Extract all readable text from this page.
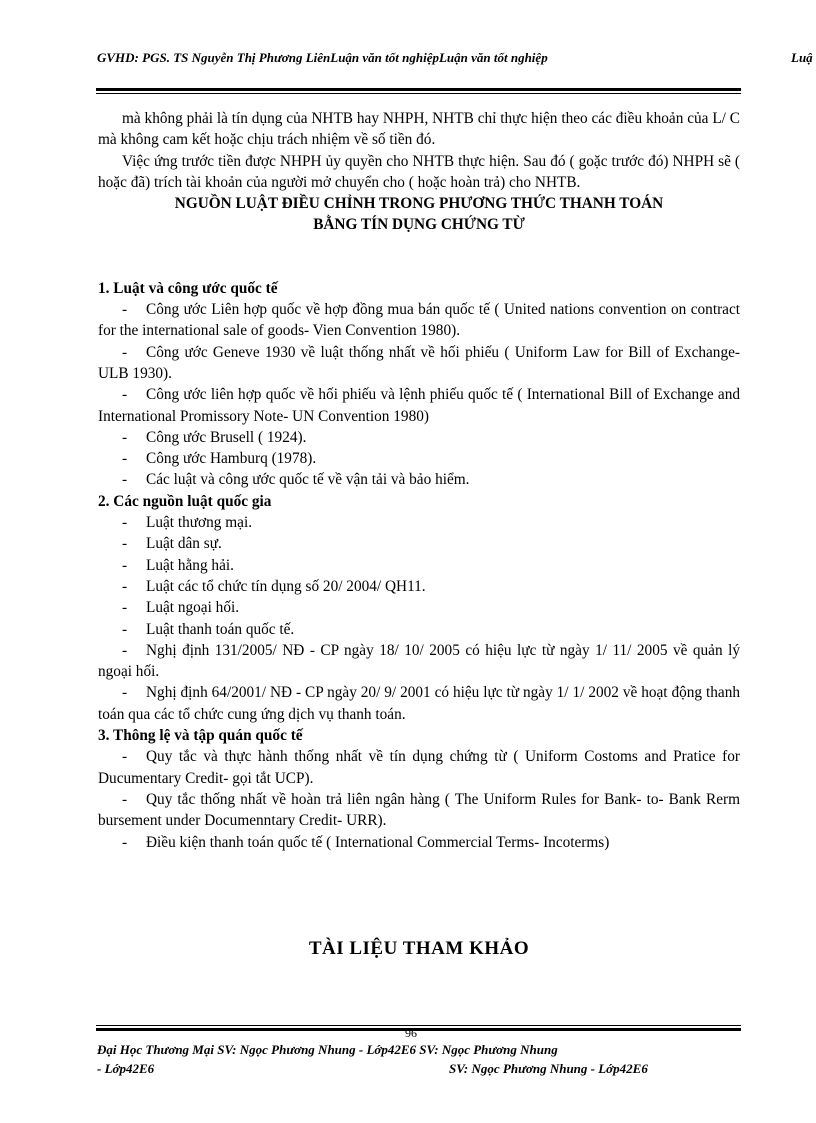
GVHD: PGS. TS Nguyễn Thị Phương LiênLuận văn tốt nghiệpLuận văn tốt nghiệp	Luậ

mà không phải là tín dụng của NHTB hay NHPH, NHTB chỉ thực hiện theo các điều khoản của L/ C mà không cam kết hoặc chịu trách nhiệm về số tiền đó.

Việc ứng trước tiền được NHPH ủy quyền cho NHTB thực hiện. Sau đó ( goặc trước đó) NHPH sẽ ( hoặc đã) trích tài khoản của người mở chuyển cho ( hoặc hoàn trả) cho NHTB.

NGUỒN LUẬT ĐIỀU CHỈNH TRONG PHƯƠNG THỨC THANH TOÁN

BẰNG TÍN DỤNG CHỨNG TỪ

1. Luật và công ước quốc tế

- Công ước Liên hợp quốc về hợp đồng mua bán quốc tế ( United nations convention on contract for the international sale of goods- Vien Convention 1980).

- Công ước Geneve 1930 về luật thống nhất về hối phiếu ( Uniform Law for Bill of Exchange- ULB 1930).

- Công ước liên hợp quốc về hối phiếu và lệnh phiếu quốc tế ( International Bill of Exchange and International Promissory Note- UN Convention 1980)

- Công ước Brusell ( 1924).

- Công ước Hamburq (1978).

- Các luật và công ước quốc tế về vận tải và bảo hiểm.

2. Các nguồn luật quốc gia

- Luật thương mại.

- Luật dân sự.

- Luật hằng hải.

- Luật các tổ chức tín dụng số 20/ 2004/ QH11.

- Luật ngoại hối.

- Luật thanh toán quốc tế.

- Nghị định 131/2005/ NĐ - CP ngày 18/ 10/ 2005 có hiệu lực từ ngày 1/ 11/ 2005 về quản lý ngoại hối.

- Nghị định 64/2001/ NĐ - CP ngày 20/ 9/ 2001 có hiệu lực từ ngày 1/ 1/ 2002 về hoạt động thanh toán qua các tổ chức cung ứng dịch vụ thanh toán.

3. Thông lệ và tập quán quốc tế

- Quy tắc và thực hành thống nhất về tín dụng chứng từ ( Uniform Costoms and Pratice for Ducumentary Credit- gọi tắt UCP).

- Quy tắc thống nhất về hoàn trả liên ngân hàng ( The Uniform Rules for Bank- to- Bank Rerm bursement under Documenntary Credit- URR).

- Điều kiện thanh toán quốc tế ( International Commercial Terms- Incoterms)

TÀI LIỆU THAM KHẢO
96
Đại Học Thương Mại SV: Ngọc Phương Nhung - Lớp42E6 SV: Ngọc Phương Nhung
- Lớp42E6	SV: Ngọc Phương Nhung - Lớp42E6
